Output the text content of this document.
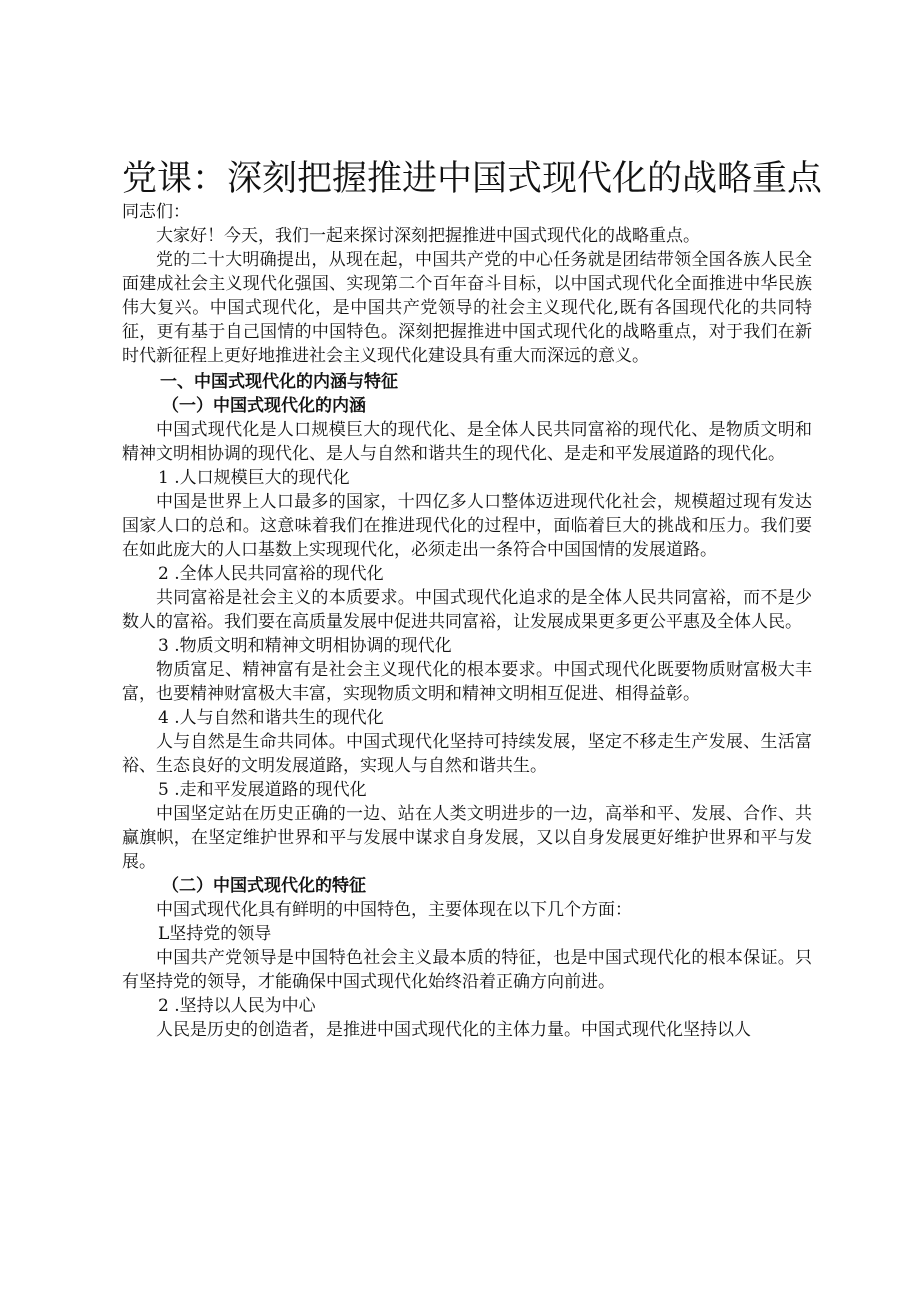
党课：深刻把握推进中国式现代化的战略重点

同志们：

大家好！今天，我们一起来探讨深刻把握推进中国式现代化的战略重点。

党的二十大明确提出，从现在起，中国共产党的中心任务就是团结带领全国各族人民全面建成社会主义现代化强国、实现第二个百年奋斗目标，以中国式现代化全面推进中华民族伟大复兴。中国式现代化，是中国共产党领导的社会主义现代化,既有各国现代化的共同特征，更有基于自己国情的中国特色。深刻把握推进中国式现代化的战略重点，对于我们在新时代新征程上更好地推进社会主义现代化建设具有重大而深远的意义。

一、中国式现代化的内涵与特征

（一）中国式现代化的内涵

中国式现代化是人口规模巨大的现代化、是全体人民共同富裕的现代化、是物质文明和精神文明相协调的现代化、是人与自然和谐共生的现代化、是走和平发展道路的现代化。

1 .人口规模巨大的现代化

中国是世界上人口最多的国家，十四亿多人口整体迈进现代化社会，规模超过现有发达国家人口的总和。这意味着我们在推进现代化的过程中，面临着巨大的挑战和压力。我们要在如此庞大的人口基数上实现现代化，必须走出一条符合中国国情的发展道路。

2 .全体人民共同富裕的现代化

共同富裕是社会主义的本质要求。中国式现代化追求的是全体人民共同富裕，而不是少数人的富裕。我们要在高质量发展中促进共同富裕，让发展成果更多更公平惠及全体人民。

3 .物质文明和精神文明相协调的现代化

物质富足、精神富有是社会主义现代化的根本要求。中国式现代化既要物质财富极大丰富，也要精神财富极大丰富，实现物质文明和精神文明相互促进、相得益彰。

4 .人与自然和谐共生的现代化

人与自然是生命共同体。中国式现代化坚持可持续发展，坚定不移走生产发展、生活富裕、生态良好的文明发展道路，实现人与自然和谐共生。

5 .走和平发展道路的现代化

中国坚定站在历史正确的一边、站在人类文明进步的一边，高举和平、发展、合作、共赢旗帜，在坚定维护世界和平与发展中谋求自身发展，又以自身发展更好维护世界和平与发展。

（二）中国式现代化的特征

中国式现代化具有鲜明的中国特色，主要体现在以下几个方面：

L坚持党的领导

中国共产党领导是中国特色社会主义最本质的特征，也是中国式现代化的根本保证。只有坚持党的领导，才能确保中国式现代化始终沿着正确方向前进。

2 .坚持以人民为中心

人民是历史的创造者，是推进中国式现代化的主体力量。中国式现代化坚持以人
